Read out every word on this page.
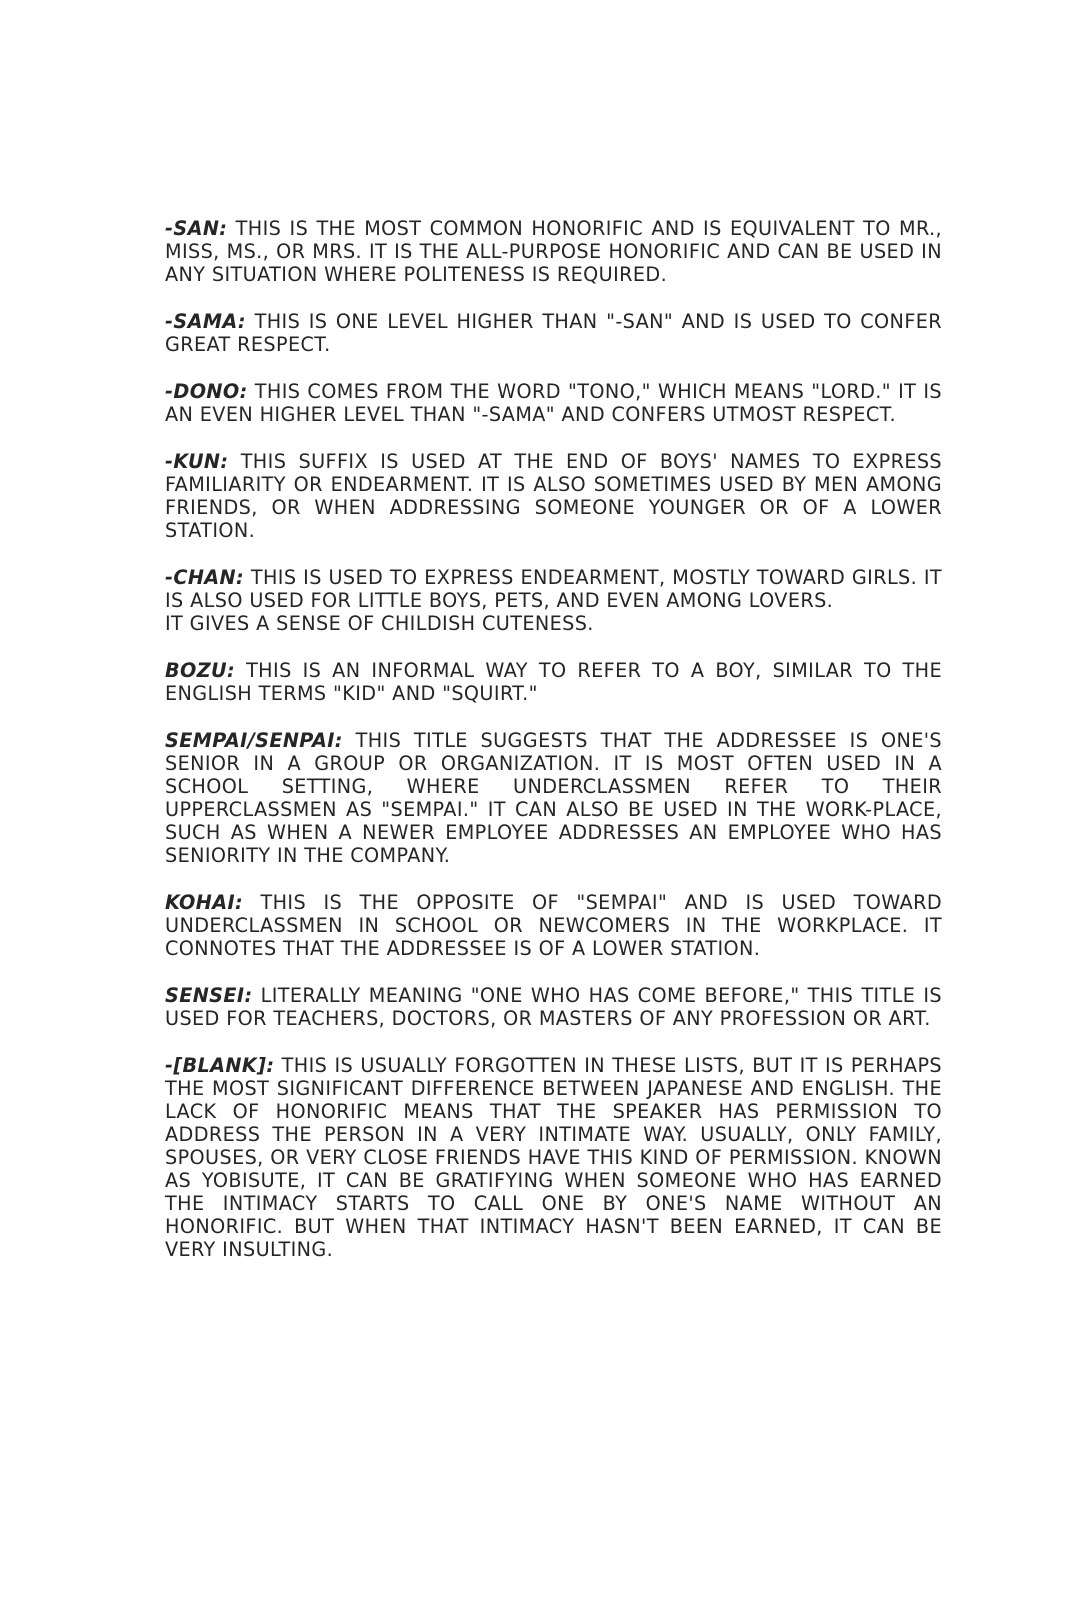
-SAN: THIS IS THE MOST COMMON HONORIFIC AND IS EQUIVALENT TO MR., MISS, MS., OR MRS. IT IS THE ALL-PURPOSE HONORIFIC AND CAN BE USED IN ANY SITUATION WHERE POLITENESS IS REQUIRED.

-SAMA: THIS IS ONE LEVEL HIGHER THAN "-SAN" AND IS USED TO CONFER GREAT RESPECT.

-DONO: THIS COMES FROM THE WORD "TONO," WHICH MEANS "LORD." IT IS AN EVEN HIGHER LEVEL THAN "-SAMA" AND CONFERS UTMOST RESPECT.

-KUN: THIS SUFFIX IS USED AT THE END OF BOYS' NAMES TO EXPRESS FAMILIARITY OR ENDEARMENT. IT IS ALSO SOMETIMES USED BY MEN AMONG FRIENDS, OR WHEN ADDRESSING SOMEONE YOUNGER OR OF A LOWER STATION.

-CHAN: THIS IS USED TO EXPRESS ENDEARMENT, MOSTLY TOWARD GIRLS. IT IS ALSO USED FOR LITTLE BOYS, PETS, AND EVEN AMONG LOVERS.
IT GIVES A SENSE OF CHILDISH CUTENESS.

BOZU: THIS IS AN INFORMAL WAY TO REFER TO A BOY, SIMILAR TO THE ENGLISH TERMS "KID" AND "SQUIRT."

SEMPAI/SENPAI: THIS TITLE SUGGESTS THAT THE ADDRESSEE IS ONE'S SENIOR IN A GROUP OR ORGANIZATION. IT IS MOST OFTEN USED IN A SCHOOL SETTING, WHERE UNDERCLASSMEN REFER TO THEIR UPPERCLASSMEN AS "SEMPAI." IT CAN ALSO BE USED IN THE WORK-PLACE, SUCH AS WHEN A NEWER EMPLOYEE ADDRESSES AN EMPLOYEE WHO HAS SENIORITY IN THE COMPANY.

KOHAI: THIS IS THE OPPOSITE OF "SEMPAI" AND IS USED TOWARD UNDERCLASSMEN IN SCHOOL OR NEWCOMERS IN THE WORKPLACE. IT CONNOTES THAT THE ADDRESSEE IS OF A LOWER STATION.

SENSEI: LITERALLY MEANING "ONE WHO HAS COME BEFORE," THIS TITLE IS USED FOR TEACHERS, DOCTORS, OR MASTERS OF ANY PROFESSION OR ART.

-[BLANK]: THIS IS USUALLY FORGOTTEN IN THESE LISTS, BUT IT IS PERHAPS THE MOST SIGNIFICANT DIFFERENCE BETWEEN JAPANESE AND ENGLISH. THE LACK OF HONORIFIC MEANS THAT THE SPEAKER HAS PERMISSION TO ADDRESS THE PERSON IN A VERY INTIMATE WAY. USUALLY, ONLY FAMILY, SPOUSES, OR VERY CLOSE FRIENDS HAVE THIS KIND OF PERMISSION. KNOWN AS YOBISUTE, IT CAN BE GRATIFYING WHEN SOMEONE WHO HAS EARNED THE INTIMACY STARTS TO CALL ONE BY ONE'S NAME WITHOUT AN HONORIFIC. BUT WHEN THAT INTIMACY HASN'T BEEN EARNED, IT CAN BE VERY INSULTING.
